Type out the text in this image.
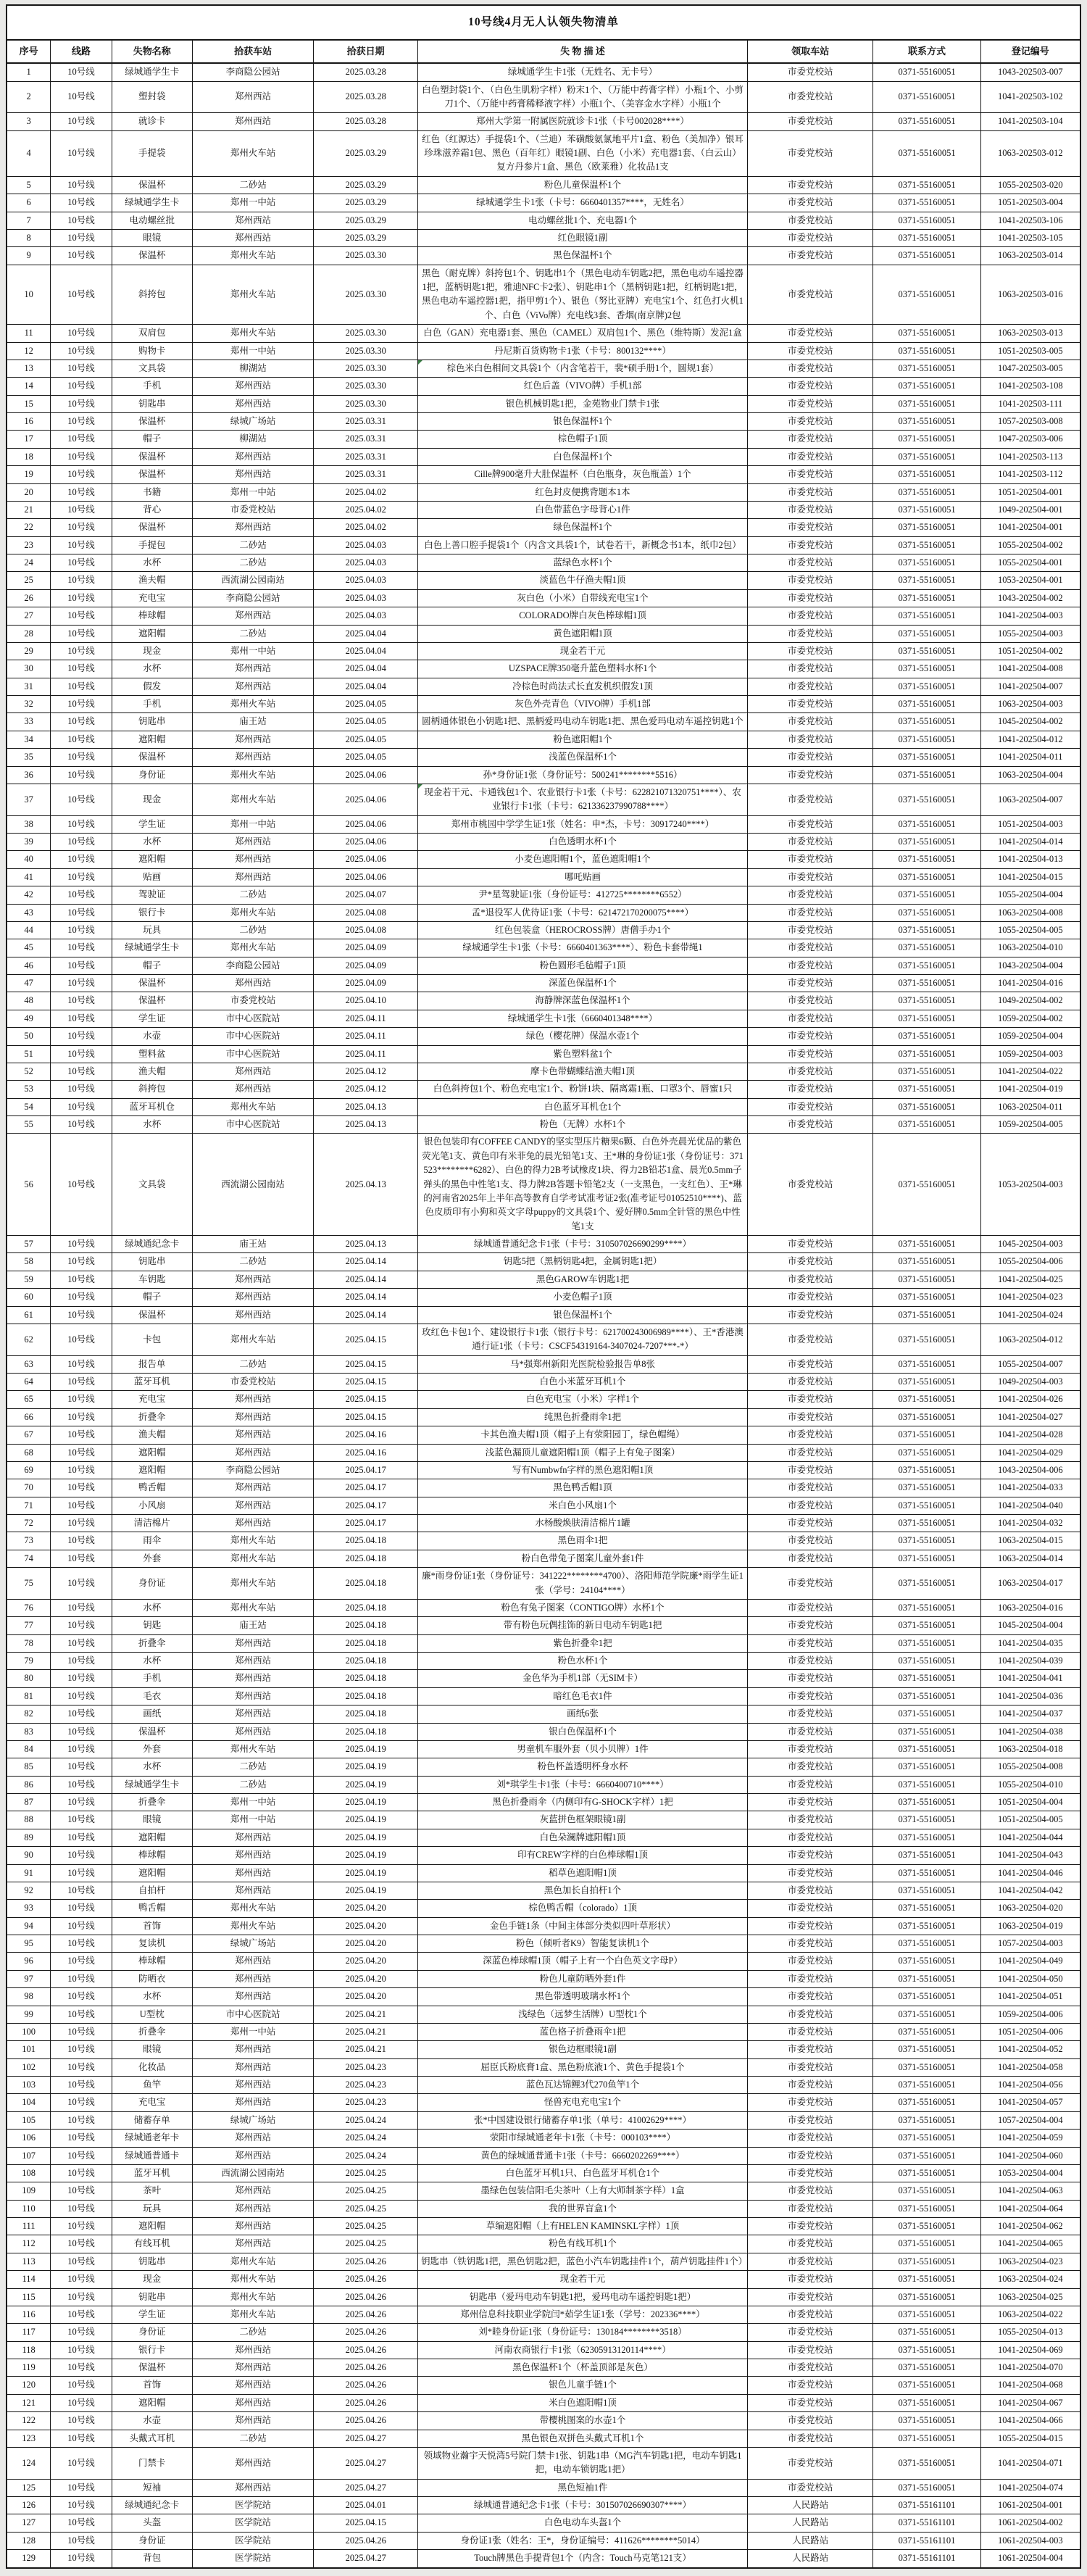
10号线4月无人认领失物清单								
序号	线路	失物名称	拾获车站	拾获日期	失 物 描 述	领取车站	联系方式	登记编号
1	10号线	绿城通学生卡	李商隐公园站	2025.03.28	绿城通学生卡1张（无姓名、无卡号）	市委党校站	0371-55160051	1043-202503-007
2	10号线	塑封袋	郑州西站	2025.03.28	白色塑封袋1个、（白色生肌粉字样）粉末1个、（万能中药膏字样）小瓶1个、小剪刀1个、（万能中药膏稀释液字样）小瓶1个、（美容金水字样）小瓶1个	市委党校站	0371-55160051	1041-202503-102
3	10号线	就诊卡	郑州西站	2025.03.28	郑州大学第一附属医院就诊卡1张（卡号002028****）	市委党校站	0371-55160051	1041-202503-104
4	10号线	手提袋	郑州火车站	2025.03.29	红色（红源达）手提袋1个、（兰迪）苯磺酸氨氯地平片1盒、粉色（美加净）银耳珍珠滋养霜1包、黑色（百年红）眼镜1副、白色（小米）充电器1套、（白云山）复方丹参片1盒、黑色（欧莱雅）化妆品1支	市委党校站	0371-55160051	1063-202503-012
5	10号线	保温杯	二砂站	2025.03.29	粉色儿童保温杯1个	市委党校站	0371-55160051	1055-202503-020
6	10号线	绿城通学生卡	郑州一中站	2025.03.29	绿城通学生卡1张（卡号：6660401357****，无姓名）	市委党校站	0371-55160051	1051-202503-004
7	10号线	电动螺丝批	郑州西站	2025.03.29	电动螺丝批1个、充电器1个	市委党校站	0371-55160051	1041-202503-106
8	10号线	眼镜	郑州西站	2025.03.29	红色眼镜1副	市委党校站	0371-55160051	1041-202503-105
9	10号线	保温杯	郑州火车站	2025.03.30	黑色保温杯1个	市委党校站	0371-55160051	1063-202503-014
10	10号线	斜挎包	郑州火车站	2025.03.30	黑色（耐克牌）斜挎包1个、钥匙串1个（黑色电动车钥匙2把，黑色电动车遥控器1把，蓝柄钥匙1把，雅迪NFC卡2张）、钥匙串1个（黑柄钥匙1把，红柄钥匙1把，黑色电动车遥控器1把，指甲剪1个）、银色（努比亚牌）充电宝1个、红色打火机1个、白色（ViVo牌）充电线3套、香烟(南京牌)2包	市委党校站	0371-55160051	1063-202503-016
11	10号线	双肩包	郑州火车站	2025.03.30	白色（GAN）充电器1套、黑色（CAMEL）双肩包1个、黑色（维特斯）发泥1盒	市委党校站	0371-55160051	1063-202503-013
12	10号线	购物卡	郑州一中站	2025.03.30	丹尼斯百货购物卡1张（卡号：800132****）	市委党校站	0371-55160051	1051-202503-005
13	10号线	文具袋	柳湖站	2025.03.30	棕色米白色相间文具袋1个（内含笔若干，裴*硕手册1个，圆规1套）	市委党校站	0371-55160051	1047-202503-005
14	10号线	手机	郑州西站	2025.03.30	红色后盖（VIVO牌）手机1部	市委党校站	0371-55160051	1041-202503-108
15	10号线	钥匙串	郑州西站	2025.03.30	银色机械钥匙1把，金苑物业门禁卡1张	市委党校站	0371-55160051	1041-202503-111
16	10号线	保温杯	绿城广场站	2025.03.31	银色保温杯1个	市委党校站	0371-55160051	1057-202503-008
17	10号线	帽子	柳湖站	2025.03.31	棕色帽子1顶	市委党校站	0371-55160051	1047-202503-006
18	10号线	保温杯	郑州西站	2025.03.31	白色保温杯1个	市委党校站	0371-55160051	1041-202503-113
19	10号线	保温杯	郑州西站	2025.03.31	Cille牌900毫升大肚保温杯（白色瓶身，灰色瓶盖）1个	市委党校站	0371-55160051	1041-202503-112
20	10号线	书籍	郑州一中站	2025.04.02	红色封皮便携背题本1本	市委党校站	0371-55160051	1051-202504-001
21	10号线	背心	市委党校站	2025.04.02	白色带蓝色字母背心1件	市委党校站	0371-55160051	1049-202504-001
22	10号线	保温杯	郑州西站	2025.04.02	绿色保温杯1个	市委党校站	0371-55160051	1041-202504-001
23	10号线	手提包	二砂站	2025.04.03	白色上善口腔手提袋1个（内含文具袋1个，试卷若干，新概念书1本，纸巾2包）	市委党校站	0371-55160051	1055-202504-002
24	10号线	水杯	二砂站	2025.04.03	蓝绿色水杯1个	市委党校站	0371-55160051	1055-202504-001
25	10号线	渔夫帽	西流湖公园南站	2025.04.03	淡蓝色牛仔渔夫帽1顶	市委党校站	0371-55160051	1053-202504-001
26	10号线	充电宝	李商隐公园站	2025.04.03	灰白色（小米）自带线充电宝1个	市委党校站	0371-55160051	1043-202504-002
27	10号线	棒球帽	郑州西站	2025.04.03	COLORADO牌白灰色棒球帽1顶	市委党校站	0371-55160051	1041-202504-003
28	10号线	遮阳帽	二砂站	2025.04.04	黄色遮阳帽1顶	市委党校站	0371-55160051	1055-202504-003
29	10号线	现金	郑州一中站	2025.04.04	现金若干元	市委党校站	0371-55160051	1051-202504-002
30	10号线	水杯	郑州西站	2025.04.04	UZSPACE牌350毫升蓝色塑料水杯1个	市委党校站	0371-55160051	1041-202504-008
31	10号线	假发	郑州西站	2025.04.04	冷棕色时尚法式长直发机织假发1顶	市委党校站	0371-55160051	1041-202504-007
32	10号线	手机	郑州火车站	2025.04.05	灰色外壳青色（VIVO牌）手机1部	市委党校站	0371-55160051	1063-202504-003
33	10号线	钥匙串	庙王站	2025.04.05	圆柄通体银色小钥匙1把、黑柄爱玛电动车钥匙1把、黑色爱玛电动车遥控钥匙1个	市委党校站	0371-55160051	1045-202504-002
34	10号线	遮阳帽	郑州西站	2025.04.05	粉色遮阳帽1个	市委党校站	0371-55160051	1041-202504-012
35	10号线	保温杯	郑州西站	2025.04.05	浅蓝色保温杯1个	市委党校站	0371-55160051	1041-202504-011
36	10号线	身份证	郑州火车站	2025.04.06	孙*身份证1张（身份证号：500241********5516）	市委党校站	0371-55160051	1063-202504-004
37	10号线	现金	郑州火车站	2025.04.06	现金若干元、卡通钱包1个、农业银行卡1张（卡号：622821071320751****）、农业银行卡1张（卡号：621336237990788****）	市委党校站	0371-55160051	1063-202504-007
38	10号线	学生证	郑州一中站	2025.04.06	郑州市桃园中学学生证1张（姓名：申*杰，卡号：30917240****）	市委党校站	0371-55160051	1051-202504-003
39	10号线	水杯	郑州西站	2025.04.06	白色透明水杯1个	市委党校站	0371-55160051	1041-202504-014
40	10号线	遮阳帽	郑州西站	2025.04.06	小麦色遮阳帽1个，蓝色遮阳帽1个	市委党校站	0371-55160051	1041-202504-013
41	10号线	贴画	郑州西站	2025.04.06	哪吒贴画	市委党校站	0371-55160051	1041-202504-015
42	10号线	驾驶证	二砂站	2025.04.07	尹*星驾驶证1张（身份证号：412725********6552）	市委党校站	0371-55160051	1055-202504-004
43	10号线	银行卡	郑州火车站	2025.04.08	孟*退役军人优待证1张（卡号：621472170200075****）	市委党校站	0371-55160051	1063-202504-008
44	10号线	玩具	二砂站	2025.04.08	红色包装盒（HEROCROSS牌）唐僧手办1个	市委党校站	0371-55160051	1055-202504-005
45	10号线	绿城通学生卡	郑州火车站	2025.04.09	绿城通学生卡1张（卡号：6660401363****）、粉色卡套带绳1	市委党校站	0371-55160051	1063-202504-010
46	10号线	帽子	李商隐公园站	2025.04.09	粉色圆形毛毡帽子1顶	市委党校站	0371-55160051	1043-202504-004
47	10号线	保温杯	郑州西站	2025.04.09	深蓝色保温杯1个	市委党校站	0371-55160051	1041-202504-016
48	10号线	保温杯	市委党校站	2025.04.10	海静牌深蓝色保温杯1个	市委党校站	0371-55160051	1049-202504-002
49	10号线	学生证	市中心医院站	2025.04.11	绿城通学生卡1张（6660401348****）	市委党校站	0371-55160051	1059-202504-002
50	10号线	水壶	市中心医院站	2025.04.11	绿色（樱花牌）保温水壶1个	市委党校站	0371-55160051	1059-202504-004
51	10号线	塑料盆	市中心医院站	2025.04.11	紫色塑料盆1个	市委党校站	0371-55160051	1059-202504-003
52	10号线	渔夫帽	郑州西站	2025.04.12	摩卡色带蝴蝶结渔夫帽1顶	市委党校站	0371-55160051	1041-202504-022
53	10号线	斜挎包	郑州西站	2025.04.12	白色斜挎包1个、粉色充电宝1个、粉饼1块、隔离霜1瓶、口罩3个、唇蜜1只	市委党校站	0371-55160051	1041-202504-019
54	10号线	蓝牙耳机仓	郑州火车站	2025.04.13	白色蓝牙耳机仓1个	市委党校站	0371-55160051	1063-202504-011
55	10号线	水杯	市中心医院站	2025.04.13	粉色（无牌）水杯1个	市委党校站	0371-55160051	1059-202504-005
56	10号线	文具袋	西流湖公园南站	2025.04.13	银色包装印有COFFEE CANDY的坚实型压片糖果6颗、白色外壳晨光优品的紫色荧光笔1支、黄色印有米菲兔的晨光铅笔1支、王*琳的身份证1张（身份证号：371523********6282）、白色的得力2B考试橡皮1块、得力2B铅芯1盒、晨光0.5mm子弹头的黑色中性笔1支、得力牌2B答题卡铅笔2支（一支黑色，一支红色）、王*琳的河南省2025年上半年高等教育自学考试准考证2张(准考证号01052510****)、蓝色皮质印有小狗和英文字母puppy的文具袋1个、爱好牌0.5mm全针管的黑色中性笔1支	市委党校站	0371-55160051	1053-202504-003
57	10号线	绿城通纪念卡	庙王站	2025.04.13	绿城通普通纪念卡1张（卡号：310507026690299****）	市委党校站	0371-55160051	1045-202504-003
58	10号线	钥匙串	二砂站	2025.04.14	钥匙5把（黑柄钥匙4把，金属钥匙1把）	市委党校站	0371-55160051	1055-202504-006
59	10号线	车钥匙	郑州西站	2025.04.14	黑色GAROW车钥匙1把	市委党校站	0371-55160051	1041-202504-025
60	10号线	帽子	郑州西站	2025.04.14	小麦色帽子1顶	市委党校站	0371-55160051	1041-202504-023
61	10号线	保温杯	郑州西站	2025.04.14	银色保温杯1个	市委党校站	0371-55160051	1041-202504-024
62	10号线	卡包	郑州火车站	2025.04.15	玫红色卡包1个、建设银行卡1张（银行卡号：621700243006989****）、王*香港澳通行证1张（卡号：CSCF54319164-3407024-7207***-*）	市委党校站	0371-55160051	1063-202504-012
63	10号线	报告单	二砂站	2025.04.15	马*强郑州新阳光医院检验报告单8张	市委党校站	0371-55160051	1055-202504-007
64	10号线	蓝牙耳机	市委党校站	2025.04.15	白色小米蓝牙耳机1个	市委党校站	0371-55160051	1049-202504-003
65	10号线	充电宝	郑州西站	2025.04.15	白色充电宝（小米）字样1个	市委党校站	0371-55160051	1041-202504-026
66	10号线	折叠伞	郑州西站	2025.04.15	纯黑色折叠雨伞1把	市委党校站	0371-55160051	1041-202504-027
67	10号线	渔夫帽	郑州西站	2025.04.16	卡其色渔夫帽1顶（帽子上有荥阳园丁，绿色帽绳）	市委党校站	0371-55160051	1041-202504-028
68	10号线	遮阳帽	郑州西站	2025.04.16	浅蓝色漏顶儿童遮阳帽1顶（帽子上有兔子图案）	市委党校站	0371-55160051	1041-202504-029
69	10号线	遮阳帽	李商隐公园站	2025.04.17	写有Numbwfn字样的黑色遮阳帽1顶	市委党校站	0371-55160051	1043-202504-006
70	10号线	鸭舌帽	郑州西站	2025.04.17	黑色鸭舌帽1顶	市委党校站	0371-55160051	1041-202504-033
71	10号线	小风扇	郑州西站	2025.04.17	米白色小风扇1个	市委党校站	0371-55160051	1041-202504-040
72	10号线	清洁棉片	郑州西站	2025.04.17	水杨酸焕肤清洁棉片1罐	市委党校站	0371-55160051	1041-202504-032
73	10号线	雨伞	郑州火车站	2025.04.18	黑色雨伞1把	市委党校站	0371-55160051	1063-202504-015
74	10号线	外套	郑州火车站	2025.04.18	粉白色带兔子图案儿童外套1件	市委党校站	0371-55160051	1063-202504-014
75	10号线	身份证	郑州火车站	2025.04.18	廉*雨身份证1张（身份证号：341222********4700）、洛阳师范学院廉*雨学生证1张（学号：24104****）	市委党校站	0371-55160051	1063-202504-017
76	10号线	水杯	郑州火车站	2025.04.18	粉色有兔子图案（CONTIGO牌）水杯1个	市委党校站	0371-55160051	1063-202504-016
77	10号线	钥匙	庙王站	2025.04.18	带有粉色玩偶挂饰的新日电动车钥匙1把	市委党校站	0371-55160051	1045-202504-004
78	10号线	折叠伞	郑州西站	2025.04.18	紫色折叠伞1把	市委党校站	0371-55160051	1041-202504-035
79	10号线	水杯	郑州西站	2025.04.18	粉色水杯1个	市委党校站	0371-55160051	1041-202504-039
80	10号线	手机	郑州西站	2025.04.18	金色华为手机1部（无SIM卡）	市委党校站	0371-55160051	1041-202504-041
81	10号线	毛衣	郑州西站	2025.04.18	暗红色毛衣1件	市委党校站	0371-55160051	1041-202504-036
82	10号线	画纸	郑州西站	2025.04.18	画纸6张	市委党校站	0371-55160051	1041-202504-037
83	10号线	保温杯	郑州西站	2025.04.18	银白色保温杯1个	市委党校站	0371-55160051	1041-202504-038
84	10号线	外套	郑州火车站	2025.04.19	男童机车服外套（贝小贝牌）1件	市委党校站	0371-55160051	1063-202504-018
85	10号线	水杯	二砂站	2025.04.19	粉色杯盖透明杯身水杯	市委党校站	0371-55160051	1055-202504-008
86	10号线	绿城通学生卡	二砂站	2025.04.19	刘*琪学生卡1张（卡号：6660400710****）	市委党校站	0371-55160051	1055-202504-010
87	10号线	折叠伞	郑州一中站	2025.04.19	黑色折叠雨伞（内侧印有G-SHOCK字样）1把	市委党校站	0371-55160051	1051-202504-004
88	10号线	眼镜	郑州一中站	2025.04.19	灰蓝拼色框架眼镜1副	市委党校站	0371-55160051	1051-202504-005
89	10号线	遮阳帽	郑州西站	2025.04.19	白色朵澜牌遮阳帽1顶	市委党校站	0371-55160051	1041-202504-044
90	10号线	棒球帽	郑州西站	2025.04.19	印有CREW字样的白色棒球帽1顶	市委党校站	0371-55160051	1041-202504-043
91	10号线	遮阳帽	郑州西站	2025.04.19	稻草色遮阳帽1顶	市委党校站	0371-55160051	1041-202504-046
92	10号线	自拍杆	郑州西站	2025.04.19	黑色加长自拍杆1个	市委党校站	0371-55160051	1041-202504-042
93	10号线	鸭舌帽	郑州火车站	2025.04.20	棕色鸭舌帽（colorado）1顶	市委党校站	0371-55160051	1063-202504-020
94	10号线	首饰	郑州火车站	2025.04.20	金色手链1条（中间主体部分类似四叶草形状）	市委党校站	0371-55160051	1063-202504-019
95	10号线	复读机	绿城广场站	2025.04.20	粉色（倾听者K9）智能复读机1个	市委党校站	0371-55160051	1057-202504-003
96	10号线	棒球帽	郑州西站	2025.04.20	深蓝色棒球帽1顶（帽子上有一个白色英文字母P）	市委党校站	0371-55160051	1041-202504-049
97	10号线	防晒衣	郑州西站	2025.04.20	粉色儿童防晒外套1件	市委党校站	0371-55160051	1041-202504-050
98	10号线	水杯	郑州西站	2025.04.20	黑色带透明玻璃水杯1个	市委党校站	0371-55160051	1041-202504-051
99	10号线	U型枕	市中心医院站	2025.04.21	浅绿色（远梦生活牌）U型枕1个	市委党校站	0371-55160051	1059-202504-006
100	10号线	折叠伞	郑州一中站	2025.04.21	蓝色格子折叠雨伞1把	市委党校站	0371-55160051	1051-202504-006
101	10号线	眼镜	郑州西站	2025.04.21	银色边框眼镜1副	市委党校站	0371-55160051	1041-202504-052
102	10号线	化妆品	郑州西站	2025.04.23	屈臣氏粉底膏1盒、黑色粉底液1个、黄色手提袋1个	市委党校站	0371-55160051	1041-202504-058
103	10号线	鱼竿	郑州西站	2025.04.23	蓝色瓦达锦鲤3代270鱼竿1个	市委党校站	0371-55160051	1041-202504-056
104	10号线	充电宝	郑州西站	2025.04.23	怪兽充电充电宝1个	市委党校站	0371-55160051	1041-202504-057
105	10号线	储蓄存单	绿城广场站	2025.04.24	张*中国建设银行储蓄存单1张（单号：41002629****）	市委党校站	0371-55160051	1057-202504-004
106	10号线	绿城通老年卡	郑州西站	2025.04.24	荥阳市绿城通老年卡1张（卡号：000103****）	市委党校站	0371-55160051	1041-202504-059
107	10号线	绿城通普通卡	郑州西站	2025.04.24	黄色的绿城通普通卡1张（卡号：6660202269****）	市委党校站	0371-55160051	1041-202504-060
108	10号线	蓝牙耳机	西流湖公园南站	2025.04.25	白色蓝牙耳机1只、白色蓝牙耳机仓1个	市委党校站	0371-55160051	1053-202504-004
109	10号线	茶叶	郑州西站	2025.04.25	墨绿色包装信阳毛尖茶叶（上有大师制茶字样）1盒	市委党校站	0371-55160051	1041-202504-063
110	10号线	玩具	郑州西站	2025.04.25	我的世界盲盒1个	市委党校站	0371-55160051	1041-202504-064
111	10号线	遮阳帽	郑州西站	2025.04.25	草编遮阳帽（上有HELEN KAMINSKL字样）1顶	市委党校站	0371-55160051	1041-202504-062
112	10号线	有线耳机	郑州西站	2025.04.25	粉色有线耳机1个	市委党校站	0371-55160051	1041-202504-065
113	10号线	钥匙串	郑州火车站	2025.04.26	钥匙串（铁钥匙1把，黑色钥匙2把，蓝色小汽车钥匙挂件1个，葫芦钥匙挂件1个）	市委党校站	0371-55160051	1063-202504-023
114	10号线	现金	郑州火车站	2025.04.26	现金若干元	市委党校站	0371-55160051	1063-202504-024
115	10号线	钥匙串	郑州火车站	2025.04.26	钥匙串（爱玛电动车钥匙1把，爱玛电动车遥控钥匙1把）	市委党校站	0371-55160051	1063-202504-025
116	10号线	学生证	郑州火车站	2025.04.26	郑州信息科技职业学院闫*茹学生证1张（学号：202336****）	市委党校站	0371-55160051	1063-202504-022
117	10号线	身份证	二砂站	2025.04.26	刘*睦身份证1张（身份证号：130184********3518）	市委党校站	0371-55160051	1055-202504-013
118	10号线	银行卡	郑州西站	2025.04.26	河南农商银行卡1张（62305913120114****）	市委党校站	0371-55160051	1041-202504-069
119	10号线	保温杯	郑州西站	2025.04.26	黑色保温杯1个（杯盖顶部是灰色）	市委党校站	0371-55160051	1041-202504-070
120	10号线	首饰	郑州西站	2025.04.26	银色儿童手链1个	市委党校站	0371-55160051	1041-202504-068
121	10号线	遮阳帽	郑州西站	2025.04.26	米白色遮阳帽1顶	市委党校站	0371-55160051	1041-202504-067
122	10号线	水壶	郑州西站	2025.04.26	带樱桃图案的水壶1个	市委党校站	0371-55160051	1041-202504-066
123	10号线	头戴式耳机	二砂站	2025.04.27	黑色银色双拼色头戴式耳机1个	市委党校站	0371-55160051	1055-202504-015
124	10号线	门禁卡	郑州西站	2025.04.27	领域物业瀚宇天悦湾5号院门禁卡1张、钥匙1串（MG汽车钥匙1把，电动车钥匙1把，电动车锁钥匙1把）	市委党校站	0371-55160051	1041-202504-071
125	10号线	短袖	郑州西站	2025.04.27	黑色短袖1件	市委党校站	0371-55160051	1041-202504-074
126	10号线	绿城通纪念卡	医学院站	2025.04.01	绿城通普通纪念卡1张（卡号：301507026690307****）	人民路站	0371-55161101	1061-202504-001
127	10号线	头盔	医学院站	2025.04.15	白色电动车头盔1个	人民路站	0371-55161101	1061-202504-002
128	10号线	身份证	医学院站	2025.04.26	身份证1张（姓名：王*，身份证编号：411626********5014）	人民路站	0371-55161101	1061-202504-003
129	10号线	背包	医学院站	2025.04.27	Touch牌黑色手提背包1个（内含：Touch马克笔121支）	人民路站	0371-55161101	1061-202504-004
